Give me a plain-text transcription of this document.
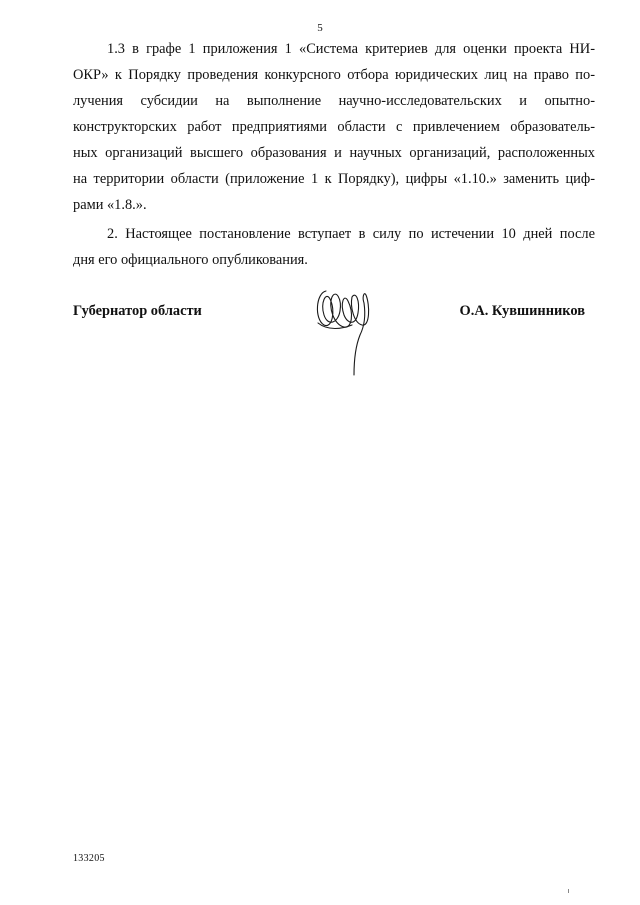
5
1.3 в графе 1 приложения 1 «Система критериев для оценки проекта НИ-
ОКР» к Порядку проведения конкурсного отбора юридических лиц на право по-
лучения субсидии на выполнение научно-исследовательских и опытно-
конструкторских работ предприятиями области с привлечением образователь-
ных организаций высшего образования и научных организаций, расположенных
на территории области (приложение 1 к Порядку), цифры «1.10.» заменить циф-
рами «1.8.».
2. Настоящее постановление вступает в силу по истечении 10 дней после
дня его официального опубликования.
Губернатор области	О.А. Кувшинников
133205
